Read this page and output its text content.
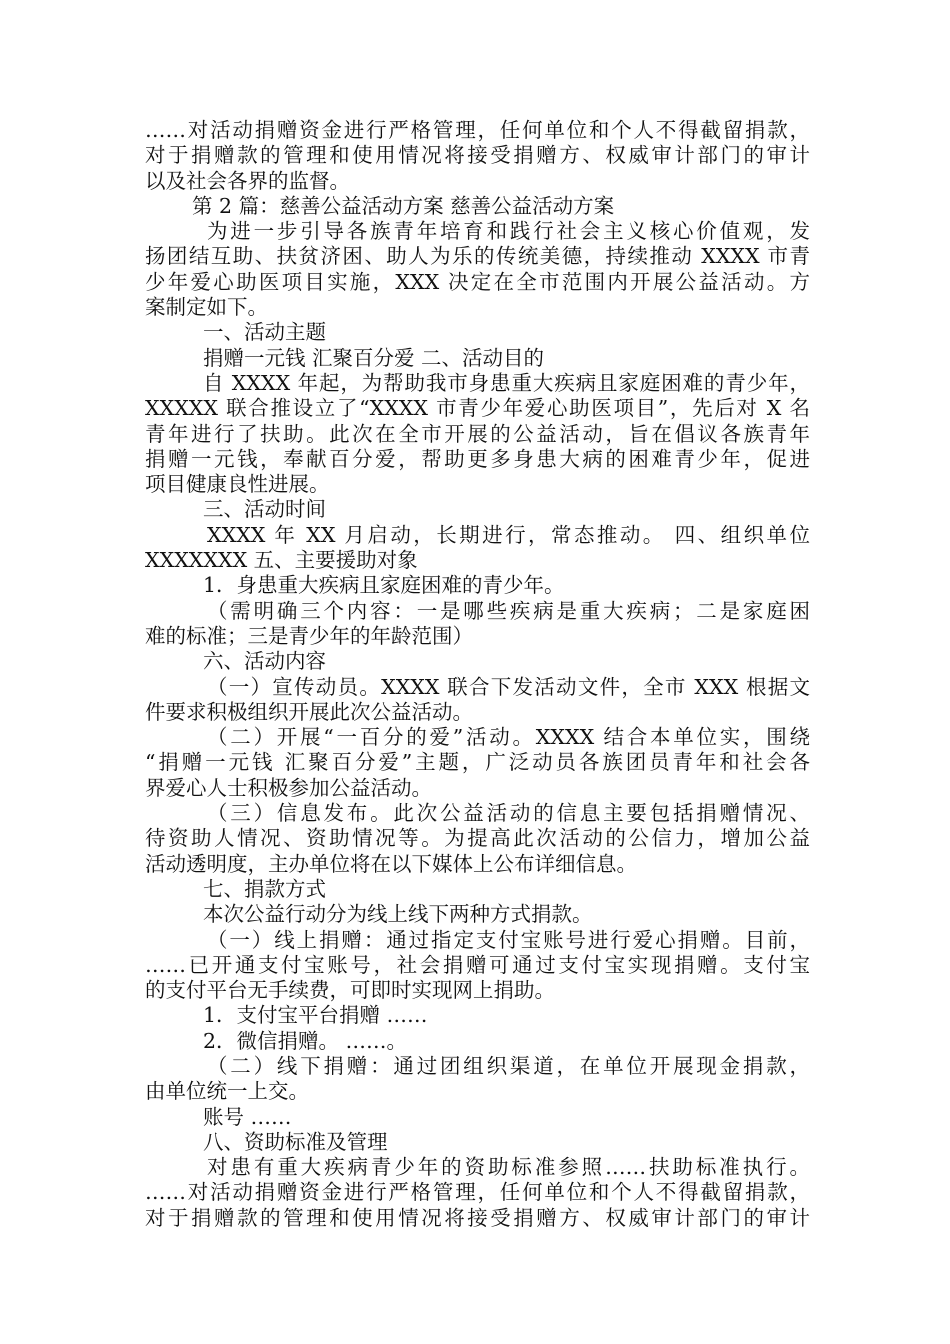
……对活动捐赠资金进行严格管理，任何单位和个人不得截留捐款，
对于捐赠款的管理和使用情况将接受捐赠方、权威审计部门的审计
以及社会各界的监督。
第 2 篇：慈善公益活动方案 慈善公益活动方案
为进一步引导各族青年培育和践行社会主义核心价值观，发
扬团结互助、扶贫济困、助人为乐的传统美德，持续推动 XXXX 市青
少年爱心助医项目实施，XXX 决定在全市范围内开展公益活动。方
案制定如下。
一、活动主题
捐赠一元钱 汇聚百分爱 二、活动目的
自 XXXX 年起，为帮助我市身患重大疾病且家庭困难的青少年，
XXXXX 联合推设立了“XXXX 市青少年爱心助医项目”，先后对 X 名
青年进行了扶助。此次在全市开展的公益活动，旨在倡议各族青年
捐赠一元钱，奉献百分爱，帮助更多身患大病的困难青少年，促进
项目健康良性进展。
三、活动时间
XXXX 年 XX 月启动，长期进行，常态推动。 四、组织单位
XXXXXXX 五、主要援助对象
1．身患重大疾病且家庭困难的青少年。
（需明确三个内容：一是哪些疾病是重大疾病；二是家庭困
难的标准；三是青少年的年龄范围）
六、活动内容
（一）宣传动员。XXXX 联合下发活动文件，全市 XXX 根据文
件要求积极组织开展此次公益活动。
（二）开展“一百分的爱”活动。XXXX 结合本单位实，围绕
“捐赠一元钱 汇聚百分爱”主题，广泛动员各族团员青年和社会各
界爱心人士积极参加公益活动。
（三）信息发布。此次公益活动的信息主要包括捐赠情况、
待资助人情况、资助情况等。为提高此次活动的公信力，增加公益
活动透明度，主办单位将在以下媒体上公布详细信息。
七、捐款方式
本次公益行动分为线上线下两种方式捐款。
（一）线上捐赠：通过指定支付宝账号进行爱心捐赠。目前，
……已开通支付宝账号，社会捐赠可通过支付宝实现捐赠。支付宝
的支付平台无手续费，可即时实现网上捐助。
1．支付宝平台捐赠 ……
2．微信捐赠。 ……。
（二）线下捐赠：通过团组织渠道，在单位开展现金捐款，
由单位统一上交。
账号 ……
八、资助标准及管理
对患有重大疾病青少年的资助标准参照……扶助标准执行。
……对活动捐赠资金进行严格管理，任何单位和个人不得截留捐款，
对于捐赠款的管理和使用情况将接受捐赠方、权威审计部门的审计
